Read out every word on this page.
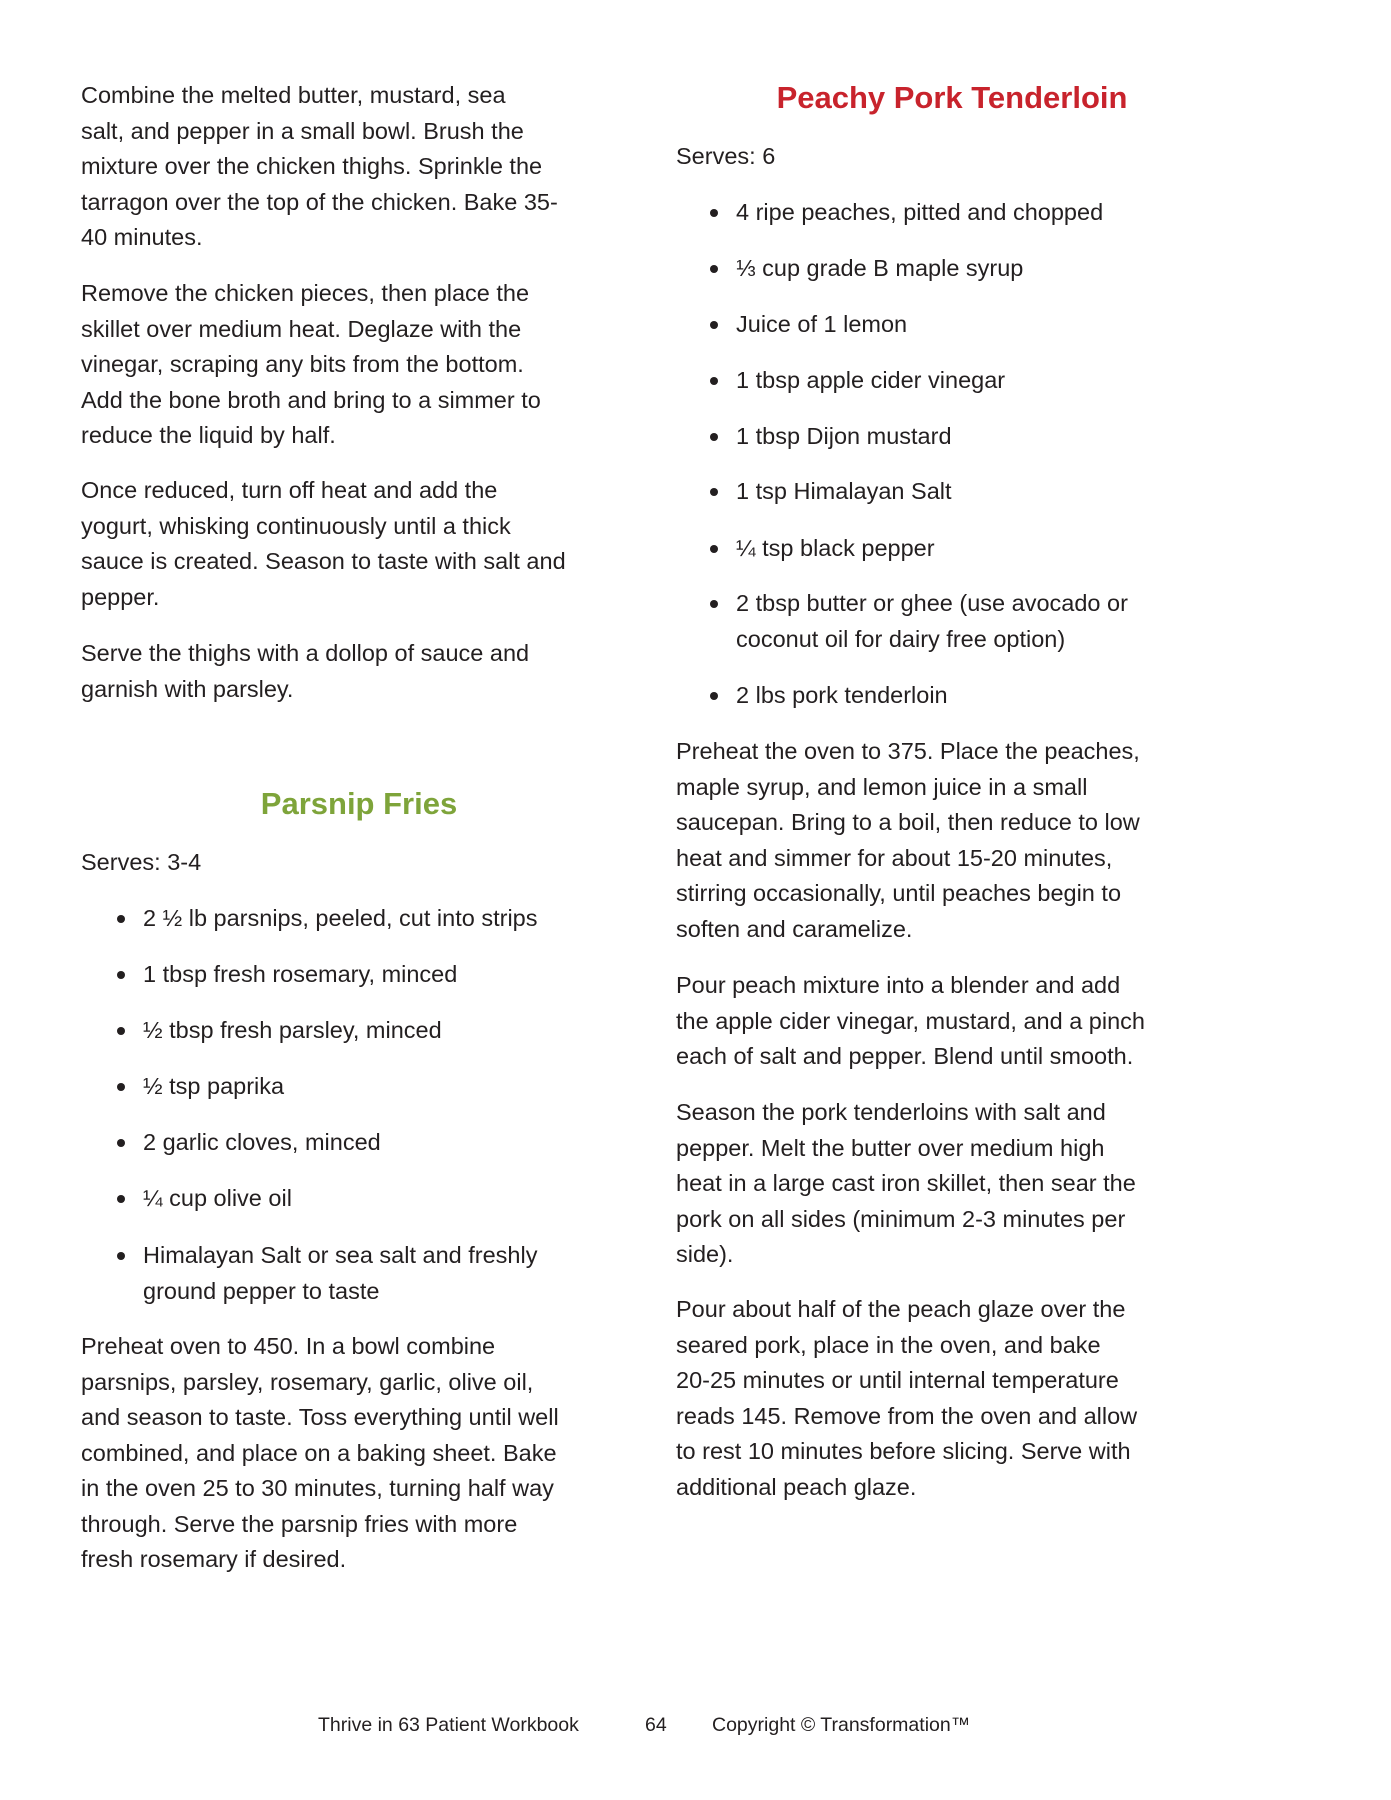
Combine the melted butter, mustard, sea
salt, and pepper in a small bowl. Brush the
mixture over the chicken thighs. Sprinkle the
tarragon over the top of the chicken. Bake 35-
40 minutes.
Remove the chicken pieces, then place the
skillet over medium heat. Deglaze with the
vinegar, scraping any bits from the bottom.
Add the bone broth and bring to a simmer to
reduce the liquid by half.
Once reduced, turn off heat and add the
yogurt, whisking continuously until a thick
sauce is created. Season to taste with salt and
pepper.
Serve the thighs with a dollop of sauce and
garnish with parsley.
Parsnip Fries
Serves: 3-4
2 ½ lb parsnips, peeled, cut into strips
1 tbsp fresh rosemary, minced
½ tbsp fresh parsley, minced
½ tsp paprika
2 garlic cloves, minced
¼ cup olive oil
Himalayan Salt or sea salt and freshly
ground pepper to taste
Preheat oven to 450. In a bowl combine
parsnips, parsley, rosemary, garlic, olive oil,
and season to taste. Toss everything until well
combined, and place on a baking sheet. Bake
in the oven 25 to 30 minutes, turning half way
through. Serve the parsnip fries with more
fresh rosemary if desired.
Peachy Pork Tenderloin
Serves: 6
4 ripe peaches, pitted and chopped
⅓ cup grade B maple syrup
Juice of 1 lemon
1 tbsp apple cider vinegar
1 tbsp Dijon mustard
1 tsp Himalayan Salt
¼ tsp black pepper
2 tbsp butter or ghee (use avocado or
coconut oil for dairy free option)
2 lbs pork tenderloin
Preheat the oven to 375. Place the peaches,
maple syrup, and lemon juice in a small
saucepan. Bring to a boil, then reduce to low
heat and simmer for about 15-20 minutes,
stirring occasionally, until peaches begin to
soften and caramelize.
Pour peach mixture into a blender and add
the apple cider vinegar, mustard, and a pinch
each of salt and pepper. Blend until smooth.
Season the pork tenderloins with salt and
pepper. Melt the butter over medium high
heat in a large cast iron skillet, then sear the
pork on all sides (minimum 2-3 minutes per
side).
Pour about half of the peach glaze over the
seared pork, place in the oven, and bake
20-25 minutes or until internal temperature
reads 145. Remove from the oven and allow
to rest 10 minutes before slicing. Serve with
additional peach glaze.
Thrive in 63 Patient Workbook	64 Copyright © Transformation™
